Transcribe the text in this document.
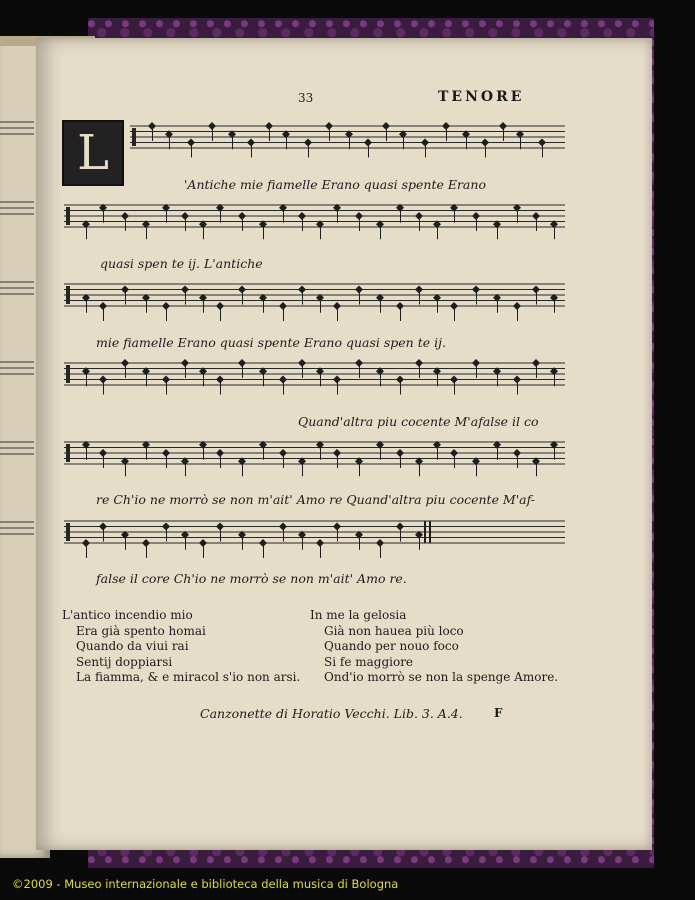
33	TENORE
L
'Antiche mie fiamelle Erano quasi spente Erano
quasi spen te ij. L'antiche
mie fiamelle Erano quasi spente Erano quasi spen te ij.
Quand'altra piu cocente M'afalse il co
re Ch'io ne morrò se non m'ait' Amo re Quand'altra piu cocente M'af-
false il core Ch'io ne morrò se non m'ait' Amo re.
L'antico incendio mio
Era già spento homai
Quando da viui rai
Sentij doppiarsi
La fiamma, & e miracol s'io non arsi.
In me la gelosia
Già non hauea più loco
Quando per nouo foco
Si fe maggiore
Ond'io morrò se non la spenge Amore.
Canzonette di Horatio Vecchi. Lib. 3. A.4.	F
©2009 - Museo internazionale e biblioteca della musica di Bologna
